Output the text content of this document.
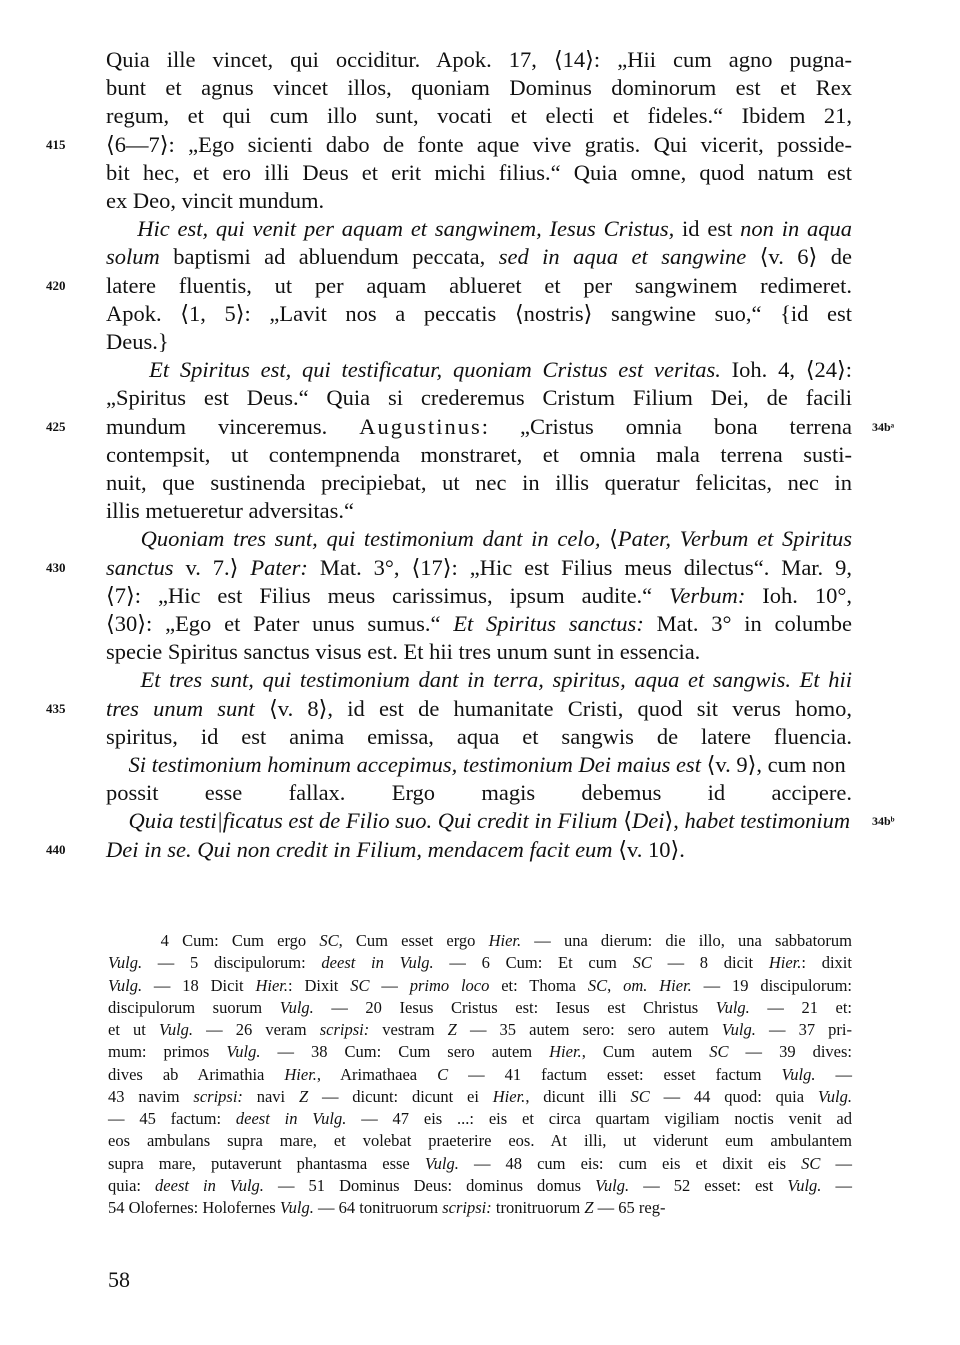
Quia ille vincet, qui occiditur. Apok. 17, ⟨14⟩: „Hii cum agno pugna-
bunt et agnus vincet illos, quoniam Dominus dominorum est et Rex
regum, et qui cum illo sunt, vocati et electi et fideles.“ Ibidem 21,
⟨6—7⟩: „Ego sicienti dabo de fonte aque vive gratis. Qui vicerit, posside-
bit hec, et ero illi Deus et erit michi filius.“ Quia omne, quod natum est
ex Deo, vincit mundum.
Hic est, qui venit per aquam et sangwinem, Iesus Cristus, id est non in aqua
solum baptismi ad abluendum peccata, sed in aqua et sangwine ⟨v. 6⟩ de
latere fluentis, ut per aquam ablueret et per sangwinem redimeret.
Apok. ⟨1, 5⟩: „Lavit nos a peccatis ⟨nostris⟩ sangwine suo,“ {id est
Deus.}
Et Spiritus est, qui testificatur, quoniam Cristus est veritas. Ioh. 4, ⟨24⟩:
„Spiritus est Deus.“ Quia si crederemus Cristum Filium Dei, de facili
mundum vinceremus. Augustinus: „Cristus omnia bona terrena
contempsit, ut contempnenda monstraret, et omnia mala terrena susti-
nuit, que sustinenda precipiebat, ut nec in illis queratur felicitas, nec in
illis metueretur adversitas.“
Quoniam tres sunt, qui testimonium dant in celo, ⟨Pater, Verbum et Spiritus
sanctus v. 7.⟩ Pater: Mat. 3°, ⟨17⟩: „Hic est Filius meus dilectus“. Mar. 9,
⟨7⟩: „Hic est Filius meus carissimus, ipsum audite.“ Verbum: Ioh. 10°,
⟨30⟩: „Ego et Pater unus sumus.“ Et Spiritus sanctus: Mat. 3° in columbe
specie Spiritus sanctus visus est. Et hii tres unum sunt in essencia.
Et tres sunt, qui testimonium dant in terra, spiritus, aqua et sangwis. Et hii
tres unum sunt ⟨v. 8⟩, id est de humanitate Cristi, quod sit verus homo,
spiritus, id est anima emissa, aqua et sangwis de latere fluencia.
Si testimonium hominum accepimus, testimonium Dei maius est ⟨v. 9⟩, cum non
possit esse fallax. Ergo magis debemus id accipere.
Quia testi|ficatus est de Filio suo. Qui credit in Filium ⟨Dei⟩, habet testimonium
Dei in se. Qui non credit in Filium, mendacem facit eum ⟨v. 10⟩.
415
420
425
430
435
440
34bᵃ
34bᵇ
4 Cum: Cum ergo SC, Cum esset ergo Hier. — una dierum: die illo, una sabbatorum
Vulg. — 5 discipulorum: deest in Vulg. — 6 Cum: Et cum SC — 8 dicit Hier.: dixit
Vulg. — 18 Dicit Hier.: Dixit SC — primo loco et: Thoma SC, om. Hier. — 19 discipulorum:
discipulorum suorum Vulg. — 20 Iesus Cristus est: Iesus est Christus Vulg. — 21 et:
et ut Vulg. — 26 veram scripsi: vestram Z — 35 autem sero: sero autem Vulg. — 37 pri-
mum: primos Vulg. — 38 Cum: Cum sero autem Hier., Cum autem SC — 39 dives:
dives ab Arimathia Hier., Arimathaea C — 41 factum esset: esset factum Vulg. —
43 navim scripsi: navi Z — dicunt: dicunt ei Hier., dicunt illi SC — 44 quod: quia Vulg.
— 45 factum: deest in Vulg. — 47 eis ...: eis et circa quartam vigiliam noctis venit ad
eos ambulans supra mare, et volebat praeterire eos. At illi, ut viderunt eum ambulantem
supra mare, putaverunt phantasma esse Vulg. — 48 cum eis: cum eis et dixit eis SC —
quia: deest in Vulg. — 51 Dominus Deus: dominus domus Vulg. — 52 esset: est Vulg. —
54 Olofernes: Holofernes Vulg. — 64 tonitruorum scripsi: tronitruorum Z — 65 reg-
58
